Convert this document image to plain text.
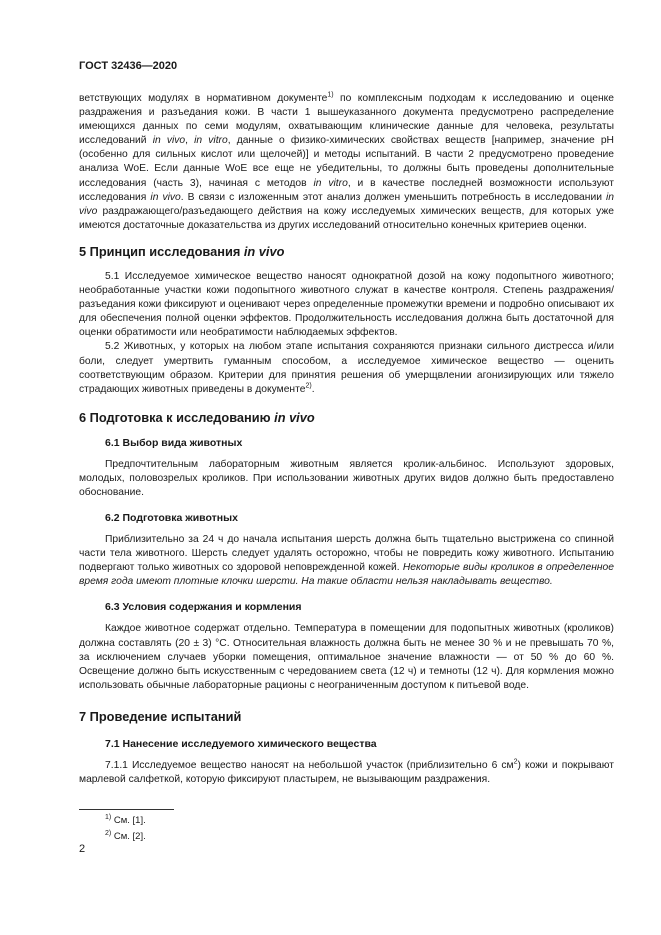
ГОСТ 32436—2020

ветствующих модулях в нормативном документе$^{1)}$ по комплексным подходам к исследованию и оценке раздражения и разъедания кожи. В части 1 вышеуказанного документа предусмотрено распределение имеющихся данных по семи модулям, охватывающим клинические данные для человека, результаты исследований in vivo, in vitro, данные о физико-химических свойствах веществ [например, значение pH (особенно для сильных кислот или щелочей)] и методы испытаний. В части 2 предусмотрено проведение анализа WoE. Если данные WoE все еще не убедительны, то должны быть проведены дополнительные исследования (часть 3), начиная с методов in vitro, и в качестве последней возможности используют исследования in vivo. В связи с изложенным этот анализ должен уменьшить потребность в исследовании in vivo раздражающего/разъедающего действия на кожу исследуемых химических веществ, для которых уже имеются достаточные доказательства из других исследований относительно конечных критериев оценки.

5 Принцип исследования in vivo

5.1 Исследуемое химическое вещество наносят однократной дозой на кожу подопытного животного; необработанные участки кожи подопытного животного служат в качестве контроля. Степень раздражения/разъедания кожи фиксируют и оценивают через определенные промежутки времени и подробно описывают их для обеспечения полной оценки эффектов. Продолжительность исследования должна быть достаточной для оценки обратимости или необратимости наблюдаемых эффектов.

5.2 Животных, у которых на любом этапе испытания сохраняются признаки сильного дистресса и/или боли, следует умертвить гуманным способом, а исследуемое химическое вещество — оценить соответствующим образом. Критерии для принятия решения об умерщвлении агонизирующих или тяжело страдающих животных приведены в документе$^{2)}$.

6 Подготовка к исследованию in vivo
6.1 Выбор вида животных

Предпочтительным лабораторным животным является кролик-альбинос. Используют здоровых, молодых, половозрелых кроликов. При использовании животных других видов должно быть предоставлено обоснование.

6.2 Подготовка животных

Приблизительно за 24 ч до начала испытания шерсть должна быть тщательно выстрижена со спинной части тела животного. Шерсть следует удалять осторожно, чтобы не повредить кожу животного. Испытанию подвергают только животных со здоровой неповрежденной кожей. Некоторые виды кроликов в определенное время года имеют плотные клочки шерсти. На такие области нельзя накладывать вещество.

6.3 Условия содержания и кормления

Каждое животное содержат отдельно. Температура в помещении для подопытных животных (кроликов) должна составлять (20 ± 3) °C. Относительная влажность должна быть не менее 30 % и не превышать 70 %, за исключением случаев уборки помещения, оптимальное значение влажности — от 50 % до 60 %. Освещение должно быть искусственным с чередованием света (12 ч) и темноты (12 ч). Для кормления можно использовать обычные лабораторные рационы с неограниченным доступом к питьевой воде.

7 Проведение испытаний
7.1 Нанесение исследуемого химического вещества

7.1.1 Исследуемое вещество наносят на небольшой участок (приблизительно 6 $см^2$) кожи и покрывают марлевой салфеткой, которую фиксируют пластырем, не вызывающим раздражения.

$^{1)}$ См. [1].
$^{2)}$ См. [2].
2
